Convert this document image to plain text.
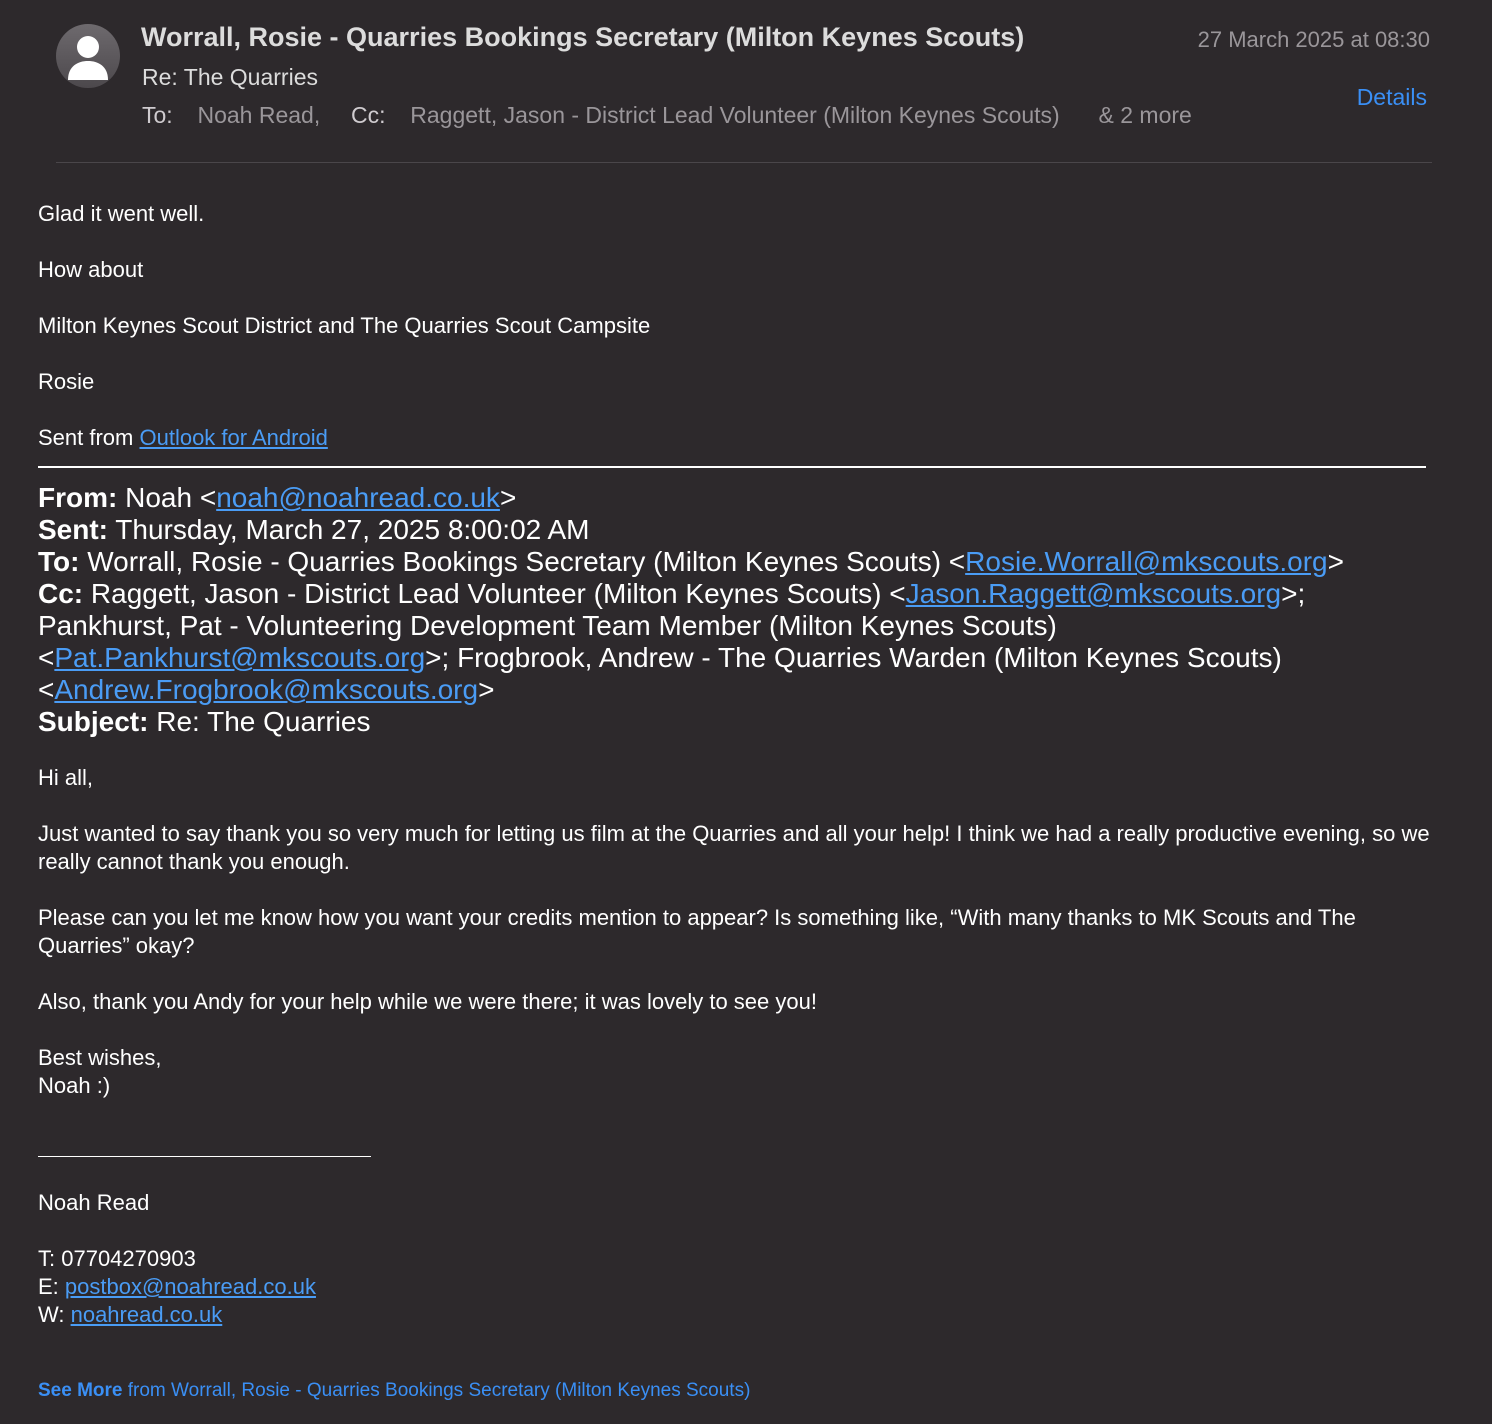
Worrall, Rosie - Quarries Bookings Secretary (Milton Keynes Scouts)	27 March 2025 at 08:30
Re: The Quarries
To: Noah Read, Cc: Raggett, Jason - District Lead Volunteer (Milton Keynes Scouts) & 2 more
Details

Glad it went well.

How about

Milton Keynes Scout District and The Quarries Scout Campsite

Rosie

Sent from Outlook for Android

From: Noah <noah@noahread.co.uk>
Sent: Thursday, March 27, 2025 8:00:02 AM
To: Worrall, Rosie - Quarries Bookings Secretary (Milton Keynes Scouts) <Rosie.Worrall@mkscouts.org>
Cc: Raggett, Jason - District Lead Volunteer (Milton Keynes Scouts) <Jason.Raggett@mkscouts.org>; Pankhurst, Pat - Volunteering Development Team Member (Milton Keynes Scouts) <Pat.Pankhurst@mkscouts.org>; Frogbrook, Andrew - The Quarries Warden (Milton Keynes Scouts) <Andrew.Frogbrook@mkscouts.org>
Subject: Re: The Quarries

Hi all,

Just wanted to say thank you so very much for letting us film at the Quarries and all your help! I think we had a really productive evening, so we really cannot thank you enough.

Please can you let me know how you want your credits mention to appear? Is something like, “With many thanks to MK Scouts and The Quarries” okay?

Also, thank you Andy for your help while we were there; it was lovely to see you!

Best wishes,
Noah :)

Noah Read

T: 07704270903
E: postbox@noahread.co.uk
W: noahread.co.uk
See More from Worrall, Rosie - Quarries Bookings Secretary (Milton Keynes Scouts)
